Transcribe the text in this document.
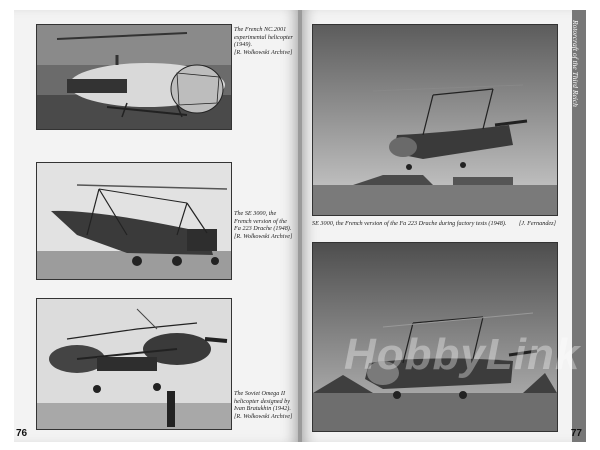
The French NC.2001 experimental helicopter (1949).
[R. Wolkowski Archive]
The SE 3000, the French version of the Fa 223 Drache (1948).
[R. Wolkowski Archive]
The Soviet Omega II helicopter designed by Ivan Bratukhin (1942).
[R. Wolkowski Archive]
76
SE 3000, the French version of the Fa 223 Drache during factory tests (1948). [J. Fernandez]
Rotorcraft of the Third Reich
77
HobbyLink
